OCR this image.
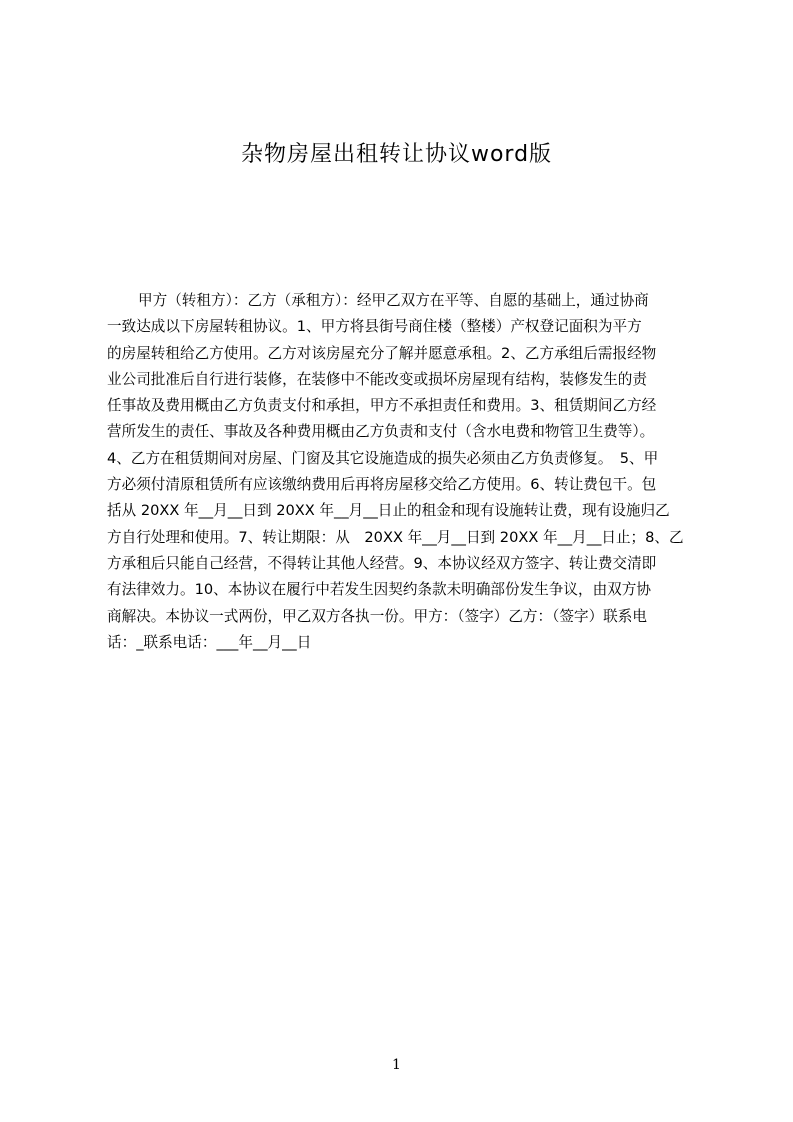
杂物房屋出租转让协议word版
甲方（转租方）：乙方（承租方）：经甲乙双方在平等、自愿的基础上，通过协商
一致达成以下房屋转租协议。1、甲方将县街号商住楼（整楼）产权登记面积为平方
的房屋转租给乙方使用。乙方对该房屋充分了解并愿意承租。2、乙方承组后需报经物
业公司批准后自行进行装修，在装修中不能改变或损坏房屋现有结构，装修发生的责
任事故及费用概由乙方负责支付和承担，甲方不承担责任和费用。3、租赁期间乙方经
营所发生的责任、事故及各种费用概由乙方负责和支付（含水电费和物管卫生费等）。
4、乙方在租赁期间对房屋、门窗及其它设施造成的损失必须由乙方负责修复。　5、甲
方必须付清原租赁所有应该缴纳费用后再将房屋移交给乙方使用。6、转让费包干。包
括从 20XX 年__月__日到 20XX 年__月__日止的租金和现有设施转让费，现有设施归乙
方自行处理和使用。7、转让期限：从　20XX 年__月__日到 20XX 年__月__日止；8、乙
方承租后只能自己经营，不得转让其他人经营。9、本协议经双方签字、转让费交清即
有法律效力。10、本协议在履行中若发生因契约条款未明确部份发生争议，由双方协
商解决。本协议一式两份，甲乙双方各执一份。甲方：（签字）乙方：（签字）联系电
话：_联系电话：___年__月__日
1
